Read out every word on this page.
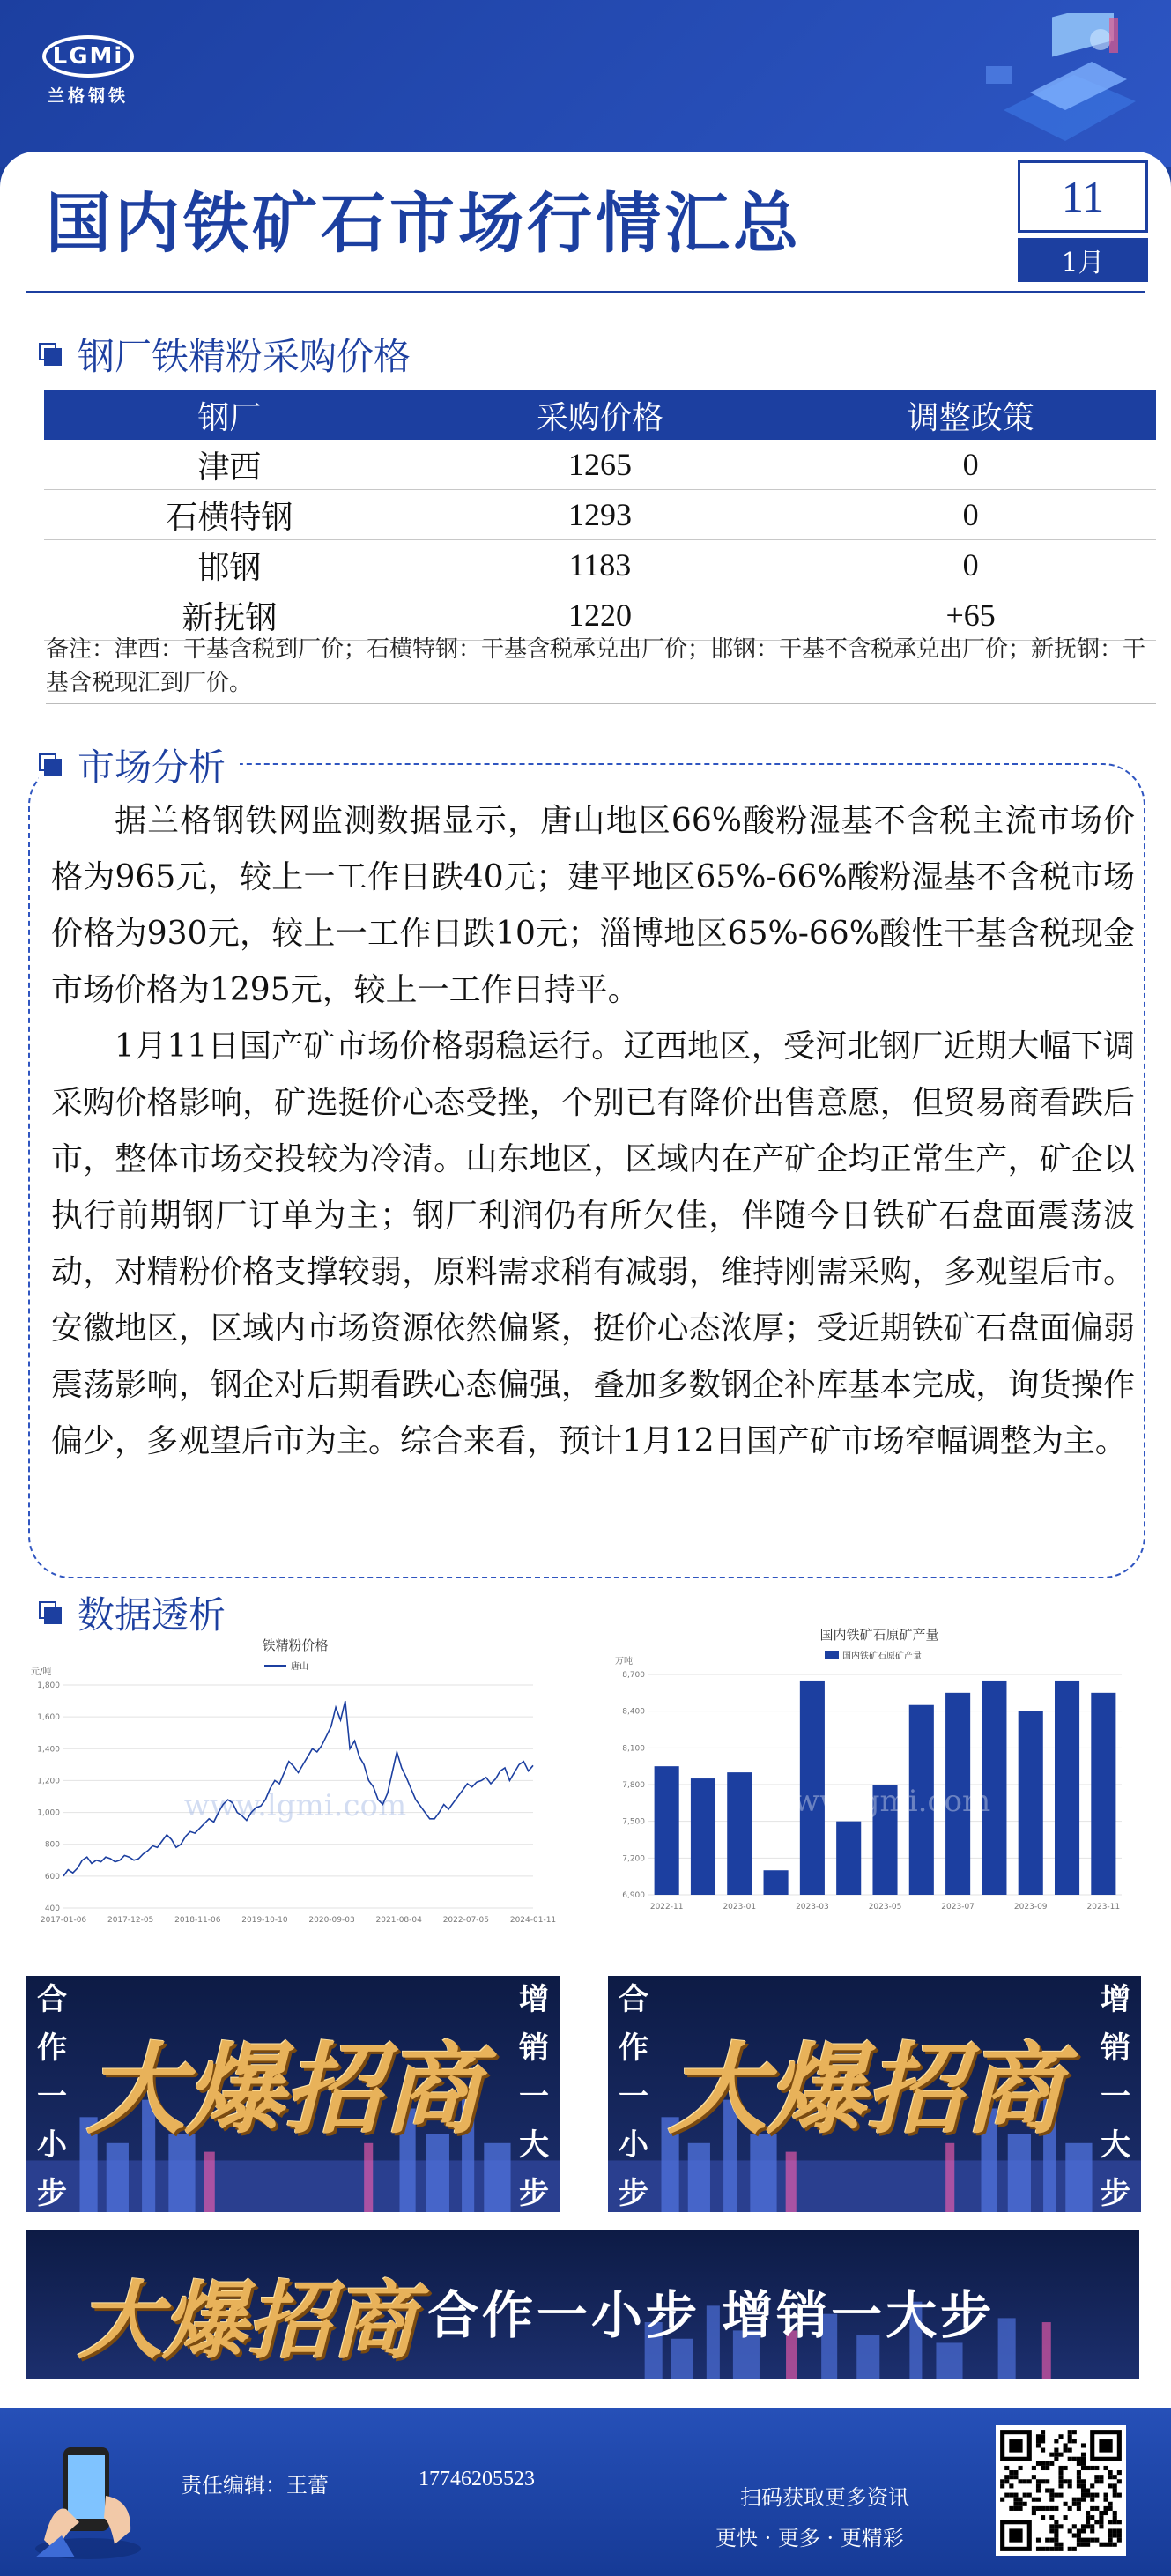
LGMi
兰格钢铁
国内铁矿石市场行情汇总	11
1月
钢厂铁精粉采购价格
钢厂	采购价格	调整政策
津西	1265	0
石横特钢	1293	0
邯钢	1183	0
新抚钢	1220	+65
备注：津西：干基含税到厂价；石横特钢：干基含税承兑出厂价；邯钢：干基不含税承兑出厂价；新抚钢：干基含税现汇到厂价。
市场分析

据兰格钢铁网监测数据显示，唐山地区66%酸粉湿基不含税主流市场价格为965元，较上一工作日跌40元；建平地区65%-66%酸粉湿基不含税市场价格为930元，较上一工作日跌10元；淄博地区65%-66%酸性干基含税现金市场价格为1295元，较上一工作日持平。

1月11日国产矿市场价格弱稳运行。辽西地区，受河北钢厂近期大幅下调采购价格影响，矿选挺价心态受挫，个别已有降价出售意愿，但贸易商看跌后市，整体市场交投较为冷清。山东地区，区域内在产矿企均正常生产，矿企以执行前期钢厂订单为主；钢厂利润仍有所欠佳，伴随今日铁矿石盘面震荡波动，对精粉价格支撑较弱，原料需求稍有减弱，维持刚需采购，多观望后市。安徽地区，区域内市场资源依然偏紧，挺价心态浓厚；受近期铁矿石盘面偏弱震荡影响，钢企对后期看跌心态偏强，叠加多数钢企补库基本完成，询货操作偏少，多观望后市为主。综合来看，预计1月12日国产矿市场窄幅调整为主。

数据透析
铁精粉价格
唐山
元/吨
400
600
800
1,000
1,200
1,400
1,600
1,800
2017-01-06	2017-12-05	2018-11-06	2019-10-10	2020-09-03	2021-08-04	2022-07-05	2024-01-11
www.lgmi.com
国内铁矿石原矿产量
国内铁矿石原矿产量
万吨
6,900
7,200
7,500
7,800
8,100
8,400
8,700
2022-11	2023-01	2023-03	2023-05	2023-07	2023-09	2023-11
www.lgmi.com
合
作
一
小
步
大爆招商
增
销
一
大
步
合
作
一
小
步
大爆招商
增
销
一
大
步
大爆招商 合作一小步 增销一大步
责任编辑：王蕾	17746205523
扫码获取更多资讯
更快 · 更多 · 更精彩
